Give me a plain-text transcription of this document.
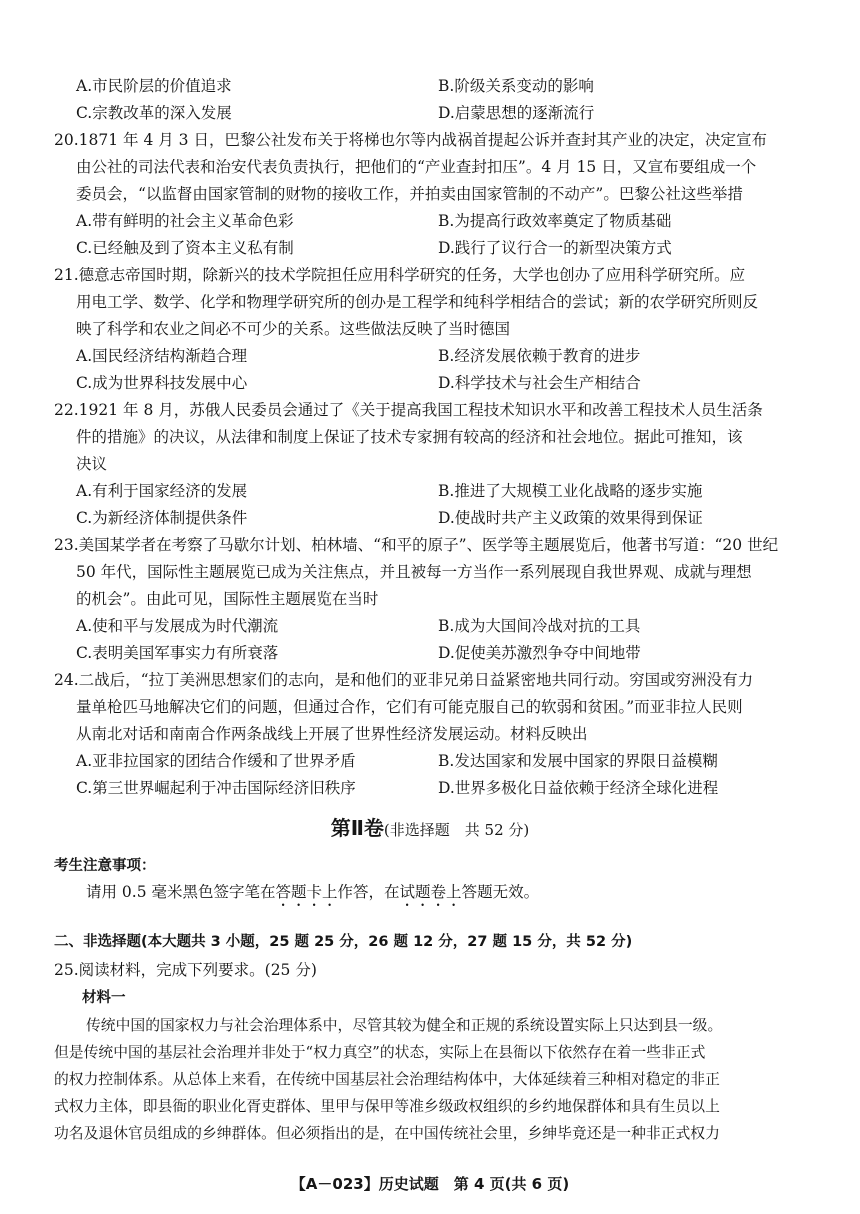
A.市民阶层的价值追求	B.阶级关系变动的影响
C.宗教改革的深入发展	D.启蒙思想的逐渐流行
20.1871 年 4 月 3 日，巴黎公社发布关于将梯也尔等内战祸首提起公诉并查封其产业的决定，决定宣布
由公社的司法代表和治安代表负责执行，把他们的“产业查封扣压”。4 月 15 日，又宣布要组成一个
委员会，“以监督由国家管制的财物的接收工作，并拍卖由国家管制的不动产”。巴黎公社这些举措
A.带有鲜明的社会主义革命色彩	B.为提高行政效率奠定了物质基础
C.已经触及到了资本主义私有制	D.践行了议行合一的新型决策方式
21.德意志帝国时期，除新兴的技术学院担任应用科学研究的任务，大学也创办了应用科学研究所。应
用电工学、数学、化学和物理学研究所的创办是工程学和纯科学相结合的尝试；新的农学研究所则反
映了科学和农业之间必不可少的关系。这些做法反映了当时德国
A.国民经济结构渐趋合理	B.经济发展依赖于教育的进步
C.成为世界科技发展中心	D.科学技术与社会生产相结合
22.1921 年 8 月，苏俄人民委员会通过了《关于提高我国工程技术知识水平和改善工程技术人员生活条
件的措施》的决议，从法律和制度上保证了技术专家拥有较高的经济和社会地位。据此可推知，该
决议
A.有利于国家经济的发展	B.推进了大规模工业化战略的逐步实施
C.为新经济体制提供条件	D.使战时共产主义政策的效果得到保证
23.美国某学者在考察了马歇尔计划、柏林墙、“和平的原子”、医学等主题展览后，他著书写道：“20 世纪
50 年代，国际性主题展览已成为关注焦点，并且被每一方当作一系列展现自我世界观、成就与理想
的机会”。由此可见，国际性主题展览在当时
A.使和平与发展成为时代潮流	B.成为大国间冷战对抗的工具
C.表明美国军事实力有所衰落	D.促使美苏激烈争夺中间地带
24.二战后，“拉丁美洲思想家们的志向，是和他们的亚非兄弟日益紧密地共同行动。穷国或穷洲没有力
量单枪匹马地解决它们的问题，但通过合作，它们有可能克服自己的软弱和贫困。”而亚非拉人民则
从南北对话和南南合作两条战线上开展了世界性经济发展运动。材料反映出
A.亚非拉国家的团结合作缓和了世界矛盾	B.发达国家和发展中国家的界限日益模糊
C.第三世界崛起利于冲击国际经济旧秩序	D.世界多极化日益依赖于经济全球化进程
第Ⅱ卷(非选择题　共 52 分)
考生注意事项：
请用 0.5 毫米黑色签字笔在答题卡上作答，在试题卷上答题无效。
二、非选择题(本大题共 3 小题，25 题 25 分，26 题 12 分，27 题 15 分，共 52 分)
25.阅读材料，完成下列要求。(25 分)
材料一
传统中国的国家权力与社会治理体系中，尽管其较为健全和正规的系统设置实际上只达到县一级。
但是传统中国的基层社会治理并非处于“权力真空”的状态，实际上在县衙以下依然存在着一些非正式
的权力控制体系。从总体上来看，在传统中国基层社会治理结构体中，大体延续着三种相对稳定的非正
式权力主体，即县衙的职业化胥吏群体、里甲与保甲等准乡级政权组织的乡约地保群体和具有生员以上
功名及退休官员组成的乡绅群体。但必须指出的是，在中国传统社会里，乡绅毕竟还是一种非正式权力
【A－023】历史试题　第 4 页(共 6 页)
